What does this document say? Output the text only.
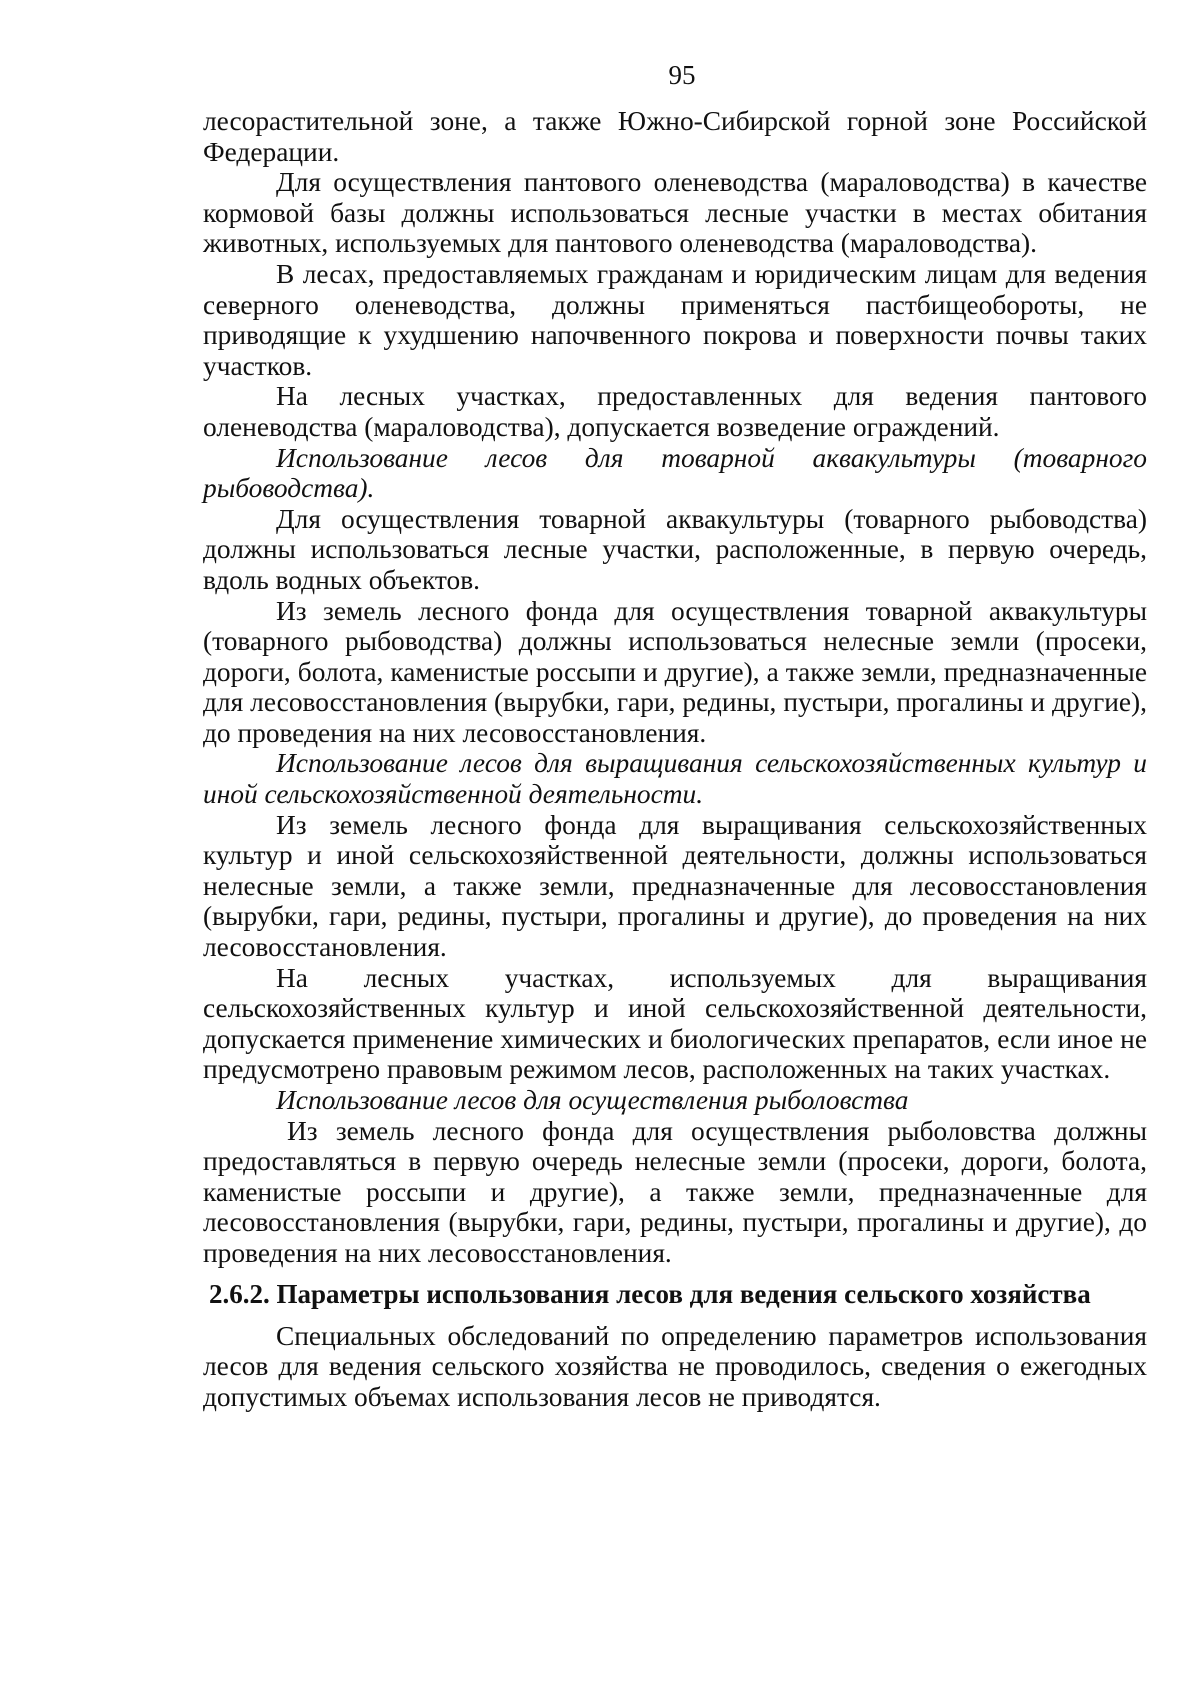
95

лесорастительной зоне, а также Южно-Сибирской горной зоне Российской Федерации.

Для осуществления пантового оленеводства (мараловодства) в качестве кормовой базы должны использоваться лесные участки в местах обитания животных, используемых для пантового оленеводства (мараловодства).

В лесах, предоставляемых гражданам и юридическим лицам для ведения северного оленеводства, должны применяться пастбищеобороты, не приводящие к ухудшению напочвенного покрова и поверхности почвы таких участков.

На лесных участках, предоставленных для ведения пантового оленеводства (мараловодства), допускается возведение ограждений.

Использование лесов для товарной аквакультуры (товарного рыбоводства).

Для осуществления товарной аквакультуры (товарного рыбоводства) должны использоваться лесные участки, расположенные, в первую очередь, вдоль водных объектов.

Из земель лесного фонда для осуществления товарной аквакультуры (товарного рыбоводства) должны использоваться нелесные земли (просеки, дороги, болота, каменистые россыпи и другие), а также земли, предназначенные для лесовосстановления (вырубки, гари, редины, пустыри, прогалины и другие), до проведения на них лесовосстановления.

Использование лесов для выращивания сельскохозяйственных культур и иной сельскохозяйственной деятельности.

Из земель лесного фонда для выращивания сельскохозяйственных культур и иной сельскохозяйственной деятельности, должны использоваться нелесные земли, а также земли, предназначенные для лесовосстановления (вырубки, гари, редины, пустыри, прогалины и другие), до проведения на них лесовосстановления.

На лесных участках, используемых для выращивания сельскохозяйственных культур и иной сельскохозяйственной деятельности, допускается применение химических и биологических препаратов, если иное не предусмотрено правовым режимом лесов, расположенных на таких участках.

Использование лесов для осуществления рыболовства

Из земель лесного фонда для осуществления рыболовства должны предоставляться в первую очередь нелесные земли (просеки, дороги, болота, каменистые россыпи и другие), а также земли, предназначенные для лесовосстановления (вырубки, гари, редины, пустыри, прогалины и другие), до проведения на них лесовосстановления.

2.6.2. Параметры использования лесов для ведения сельского хозяйства

Специальных обследований по определению параметров использования лесов для ведения сельского хозяйства не проводилось, сведения о ежегодных допустимых объемах использования лесов не приводятся.
